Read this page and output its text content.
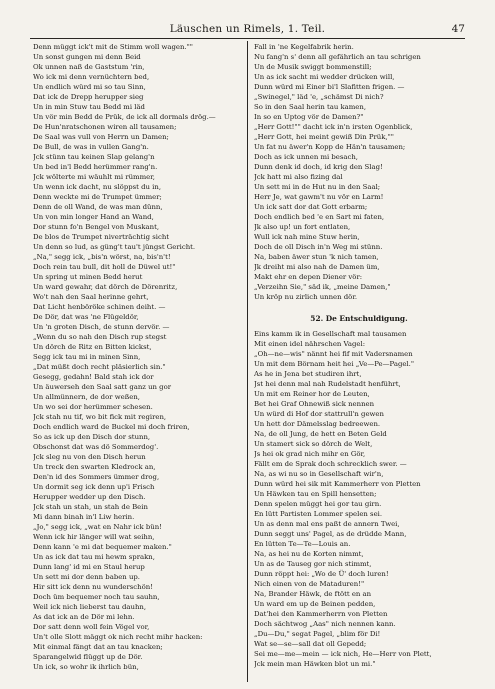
Läuschen un Rimels, 1. Teil.	47
Denn müggt ick't mit de Stimm woll wagen.""
Un sonst gungen mi denn Beid
Ok unnen naß de Gaststum 'rin,
Wo ick mi denn vernüchtern bed,
Un endlich würd mi so tau Sinn,
Dat ick de Drepp herupper sieg
Un in min Stuw tau Bedd mi läd
Un vör min Bedd de Prük, de ick all dormals drög.—
De Hun'nratschonen wiren all tausamen;
De Saal was vull von Herrn un Damen;
De Bull, de was in vullen Gang'n.
Jck stünn tau keinen Slap gelang'n
Un bed in'l Bedd herümmer rang'n.
Jck wölterte mi wäuhlt mi rümmer,
Un wenn ick dacht, nu slöppst du in,
Denn weckte mi de Trumpet ümmer;
Denn de oll Wand, de was man dünn,
Un von min longer Hand an Wand,
Dor stunn fo'n Bengel von Muskant,
De blos de Trumpet niverträchtig sicht
Un denn so lud, as güng't tau't jüngst Gericht.
„Na," segg ick, „bis'n wörst, na, bis'n't!
Doch rein tau bull, dit holl de Düwel ut!"
Un spring ut minen Bedd herut
Un ward gewahr, dat dörch de Dörenritz,
Wo't nah den Saal herinne gehrt,
Dat Licht henböröke schinen deiht. —
De Dör, dat was 'ne Flügeldör,
Un 'n groten Disch, de stunn dervör. —
„Wenn du so nah den Disch rup stegst
Un dörch de Ritz en Bitten kickst,
Segg ick tau mi in minen Sinn,
„Dat müßt doch recht pläsierlich sin."
Gesegg, gedahn! Bald stah ick dor
Un äuwerseh den Saal satt ganz un gor
Un allmünnern, de dor weßen,
Un wo sei dor herümmer schesen.
Jck stah nu tif, wo bit fick mit regiren,
Doch endlich ward de Buckel mi doch friren,
So as ick up den Disch dor stunn,
Obschonst dat was dö Sommerdog'.
Jck sleg nu von den Disch herun
Un treck den swarten Kledrock an,
Den'n id des Sommers ümmer drog,
Un dormit seg ick denn up'i Frisch
Herupper wedder up den Disch.
Jck stah un stah, un stah de Bein
Mi dann binah in'l Liw herin.
„Jo," segg ick, „wat en Nahr ick bün!
Wenn ick hir länger will wat seihn,
Denn kann 'e mi dat bequemer maken."
Un as ick dat tau mi hewm sprakn,
Dunn lang' id mi en Staul herup
Un sett mi dor denn baben up.
Hir sitt ick denn nu wunderschön!
Doch üm bequemer noch tau sauhn,
Weil ick nich lieberst tau dauhn,
As dat ick an de Dör mi lehn.
Dor satt denn woll fein Vögel vor,
Un't olle Slott mäggt ok nich recht mihr hacken:
Mit einmal fängt dat an tau knacken;
Sparangelwid flüggt up de Dör.
Un ick, so wohr ik ihrlich bün,
Fall in 'ne Kegelfabrik herin.
Nu fang'n s' denn all gefährlich an tau schrigen
Un de Musik swiggt bommenstill;
Un as ick sacht mi wedder drücken will,
Dunn würd mi Einer bi'l Slafitten frigen. —
„Swinegel," läd 'e, „schämst Di nich?
So in den Saal herin tau kamen,
In so en Uptog vör de Damen?"
„Herr Gott!"" dacht ick in'n irsten Ogenblick,
„Herr Gott, hei meint gewiß Din Prük,""
Un fat nu äwer'n Kopp de Hän'n tausamen;
Doch as ick unnen mi besach,
Dunn denk id doch, id krig den Slag!
Jck hatt mi also fizing dal
Un sett mi in de Hut nu in den Saal;
Herr Je, wat gawm't nu vör en Larm!
Un ick satt dor dat Gott erbarm;
Doch endlich bed 'e en Sart mi faten,
Jk also up! un fort entlaten,
Wull ick nah mine Stuw herin,
Doch de oll Disch in'n Weg mi stünn.
Na, baben äwer stun 'k nich tamen,
Jk dreiht mi also nah de Damen üm,
Makt ehr en depen Diener vör:
„Verzeihn Sie," säd ik, „meine Damen,"
Un kröp nu zirlich unnen dör.
52. De Entschuldigung.
Eins kamm ik in Gesellschaft mal tausamen
Mit einen idel nährschen Vagel:
„Oh—ne—wis" nännt hei fif mit Vadersnamen
Un mit dem Börnam heit hei „Ve—Pe—Pagel."
As he in Jena bet studiren ihrt,
Jst hei denn mal nah Rudelstadt henführt,
Un mit em Reiner hor de Leuten,
Bet hei Graf Ohnewiß sick nennen
Un würd di Hof dor stattrull'n gewen
Un hett dor Dämelsslag bedreewen.
Na, de oll Jung, de hett en Beten Geld
Un stamert sick so dörch de Welt,
Js hei ok grad nich mihr en Gör,
Fällt em de Sprak doch schrecklich swer. —
Na, as wi nu so in Gesellschaft wir'n,
Dunn würd hei sik mit Kammerherr von Pletten
Un Häwken tau en Spill hensetten;
Denn spelen müggt hei gor tau girn.
En lütt Partisten Lommer spelen sei.
Un as denn mal ens paßt de annern Twei,
Dunn seggt uns' Pagel, as de drüdde Mann,
En lütten Te—Te—Louis an.
Na, as hei nu de Korten nimmt,
Un as de Tauseg gor nich stimmt,
Dunn röppt hei: „Wo de Ü' doch luren!
Nich einen von de Mataduren!"
Na, Brander Häwk, de ftött en an
Un ward em up de Beinen pedden,
Dat'hei den Kammerherrn von Pletten
Doch sächtwog „Aas" nich nennen kann.
„Du—Du," segat Pagel, „blim för Di!
Wat se—se—sall dat oll Gepedd;
Sei me—me—mein — ick nich, He—Herr von Plett,
Jck mein man Häwken blot un mi."
